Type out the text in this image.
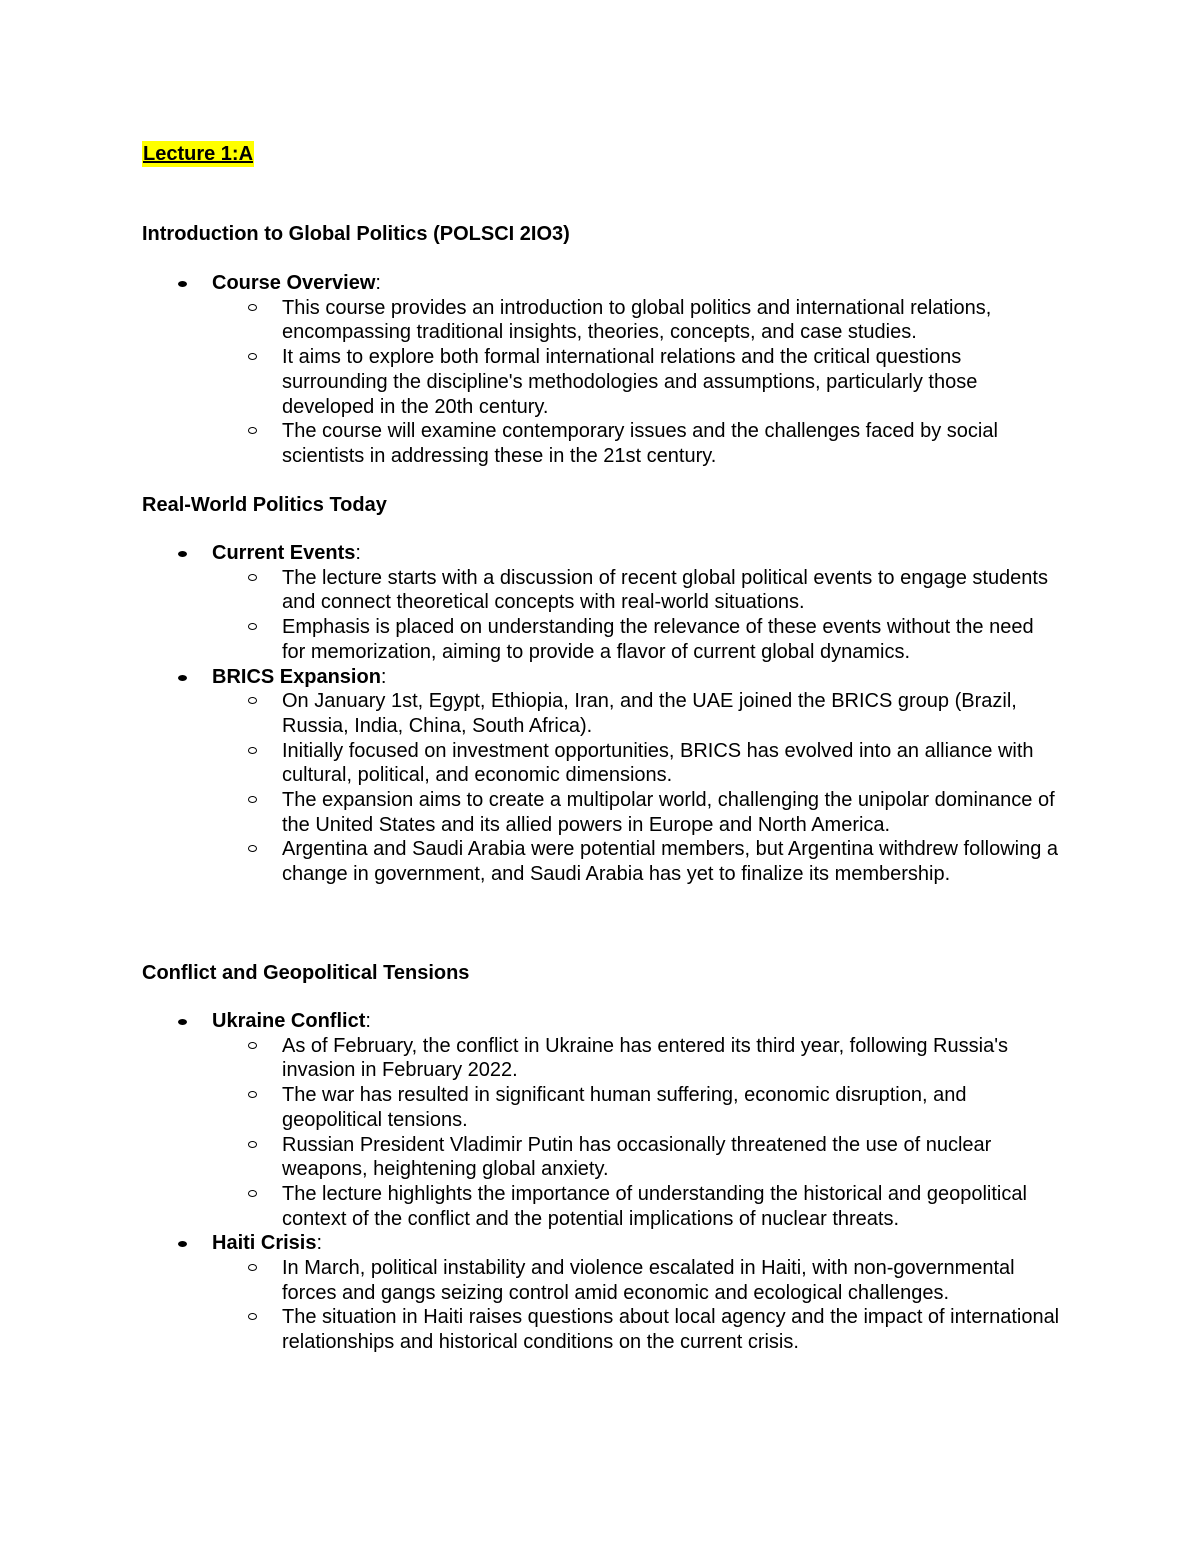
Lecture 1:A
Introduction to Global Politics (POLSCI 2IO3)
Course Overview:
This course provides an introduction to global politics and international relations, encompassing traditional insights, theories, concepts, and case studies.
It aims to explore both formal international relations and the critical questions surrounding the discipline's methodologies and assumptions, particularly those developed in the 20th century.
The course will examine contemporary issues and the challenges faced by social scientists in addressing these in the 21st century.
Real-World Politics Today
Current Events:
The lecture starts with a discussion of recent global political events to engage students and connect theoretical concepts with real-world situations.
Emphasis is placed on understanding the relevance of these events without the need for memorization, aiming to provide a flavor of current global dynamics.
BRICS Expansion:
On January 1st, Egypt, Ethiopia, Iran, and the UAE joined the BRICS group (Brazil, Russia, India, China, South Africa).
Initially focused on investment opportunities, BRICS has evolved into an alliance with cultural, political, and economic dimensions.
The expansion aims to create a multipolar world, challenging the unipolar dominance of the United States and its allied powers in Europe and North America.
Argentina and Saudi Arabia were potential members, but Argentina withdrew following a change in government, and Saudi Arabia has yet to finalize its membership.
Conflict and Geopolitical Tensions
Ukraine Conflict:
As of February, the conflict in Ukraine has entered its third year, following Russia's invasion in February 2022.
The war has resulted in significant human suffering, economic disruption, and geopolitical tensions.
Russian President Vladimir Putin has occasionally threatened the use of nuclear weapons, heightening global anxiety.
The lecture highlights the importance of understanding the historical and geopolitical context of the conflict and the potential implications of nuclear threats.
Haiti Crisis:
In March, political instability and violence escalated in Haiti, with non-governmental forces and gangs seizing control amid economic and ecological challenges.
The situation in Haiti raises questions about local agency and the impact of international relationships and historical conditions on the current crisis.
